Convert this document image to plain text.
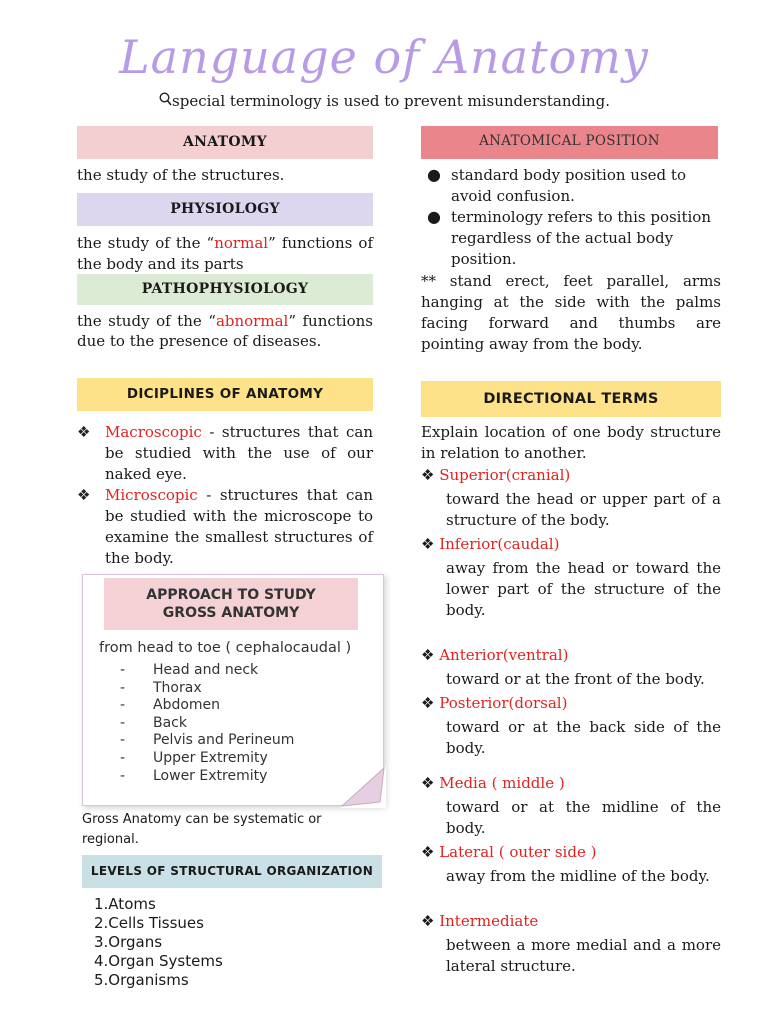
Language of Anatomy
special terminology is used to prevent misunderstanding.
ANATOMY
the study of the structures.
PHYSIOLOGY
the study of the “normal” functions of the body and its parts
PATHOPHYSIOLOGY
the study of the “abnormal” functions due to the presence of diseases.
DICIPLINES OF ANATOMY
❖ Macroscopic - structures that can be studied with the use of our naked eye.
❖ Microscopic - structures that can be studied with the microscope to examine the smallest structures of the body.
APPROACH TO STUDY
GROSS ANATOMY
from head to toe ( cephalocaudal )
- Head and neck
- Thorax
- Abdomen
- Back
- Pelvis and Perineum
- Upper Extremity
- Lower Extremity
Gross Anatomy can be systematic or regional.
LEVELS OF STRUCTURAL ORGANIZATION
1.Atoms
2.Cells Tissues
3.Organs
4.Organ Systems
5.Organisms
ANATOMICAL POSITION
● standard body position used to avoid confusion.
● terminology refers to this position regardless of the actual body position.
** stand erect, feet parallel, arms hanging at the side with the palms facing forward and thumbs are pointing away from the body.
DIRECTIONAL TERMS
Explain location of one body structure in relation to another.
❖ Superior(cranial)
toward the head or upper part of a structure of the body.
❖ Inferior(caudal)
away from the head or toward the lower part of the structure of the body.
❖ Anterior(ventral)
toward or at the front of the body.
❖ Posterior(dorsal)
toward or at the back side of the body.
❖ Media ( middle )
toward or at the midline of the body.
❖ Lateral ( outer side )
away from the midline of the body.
❖ Intermediate
between a more medial and a more lateral structure.
